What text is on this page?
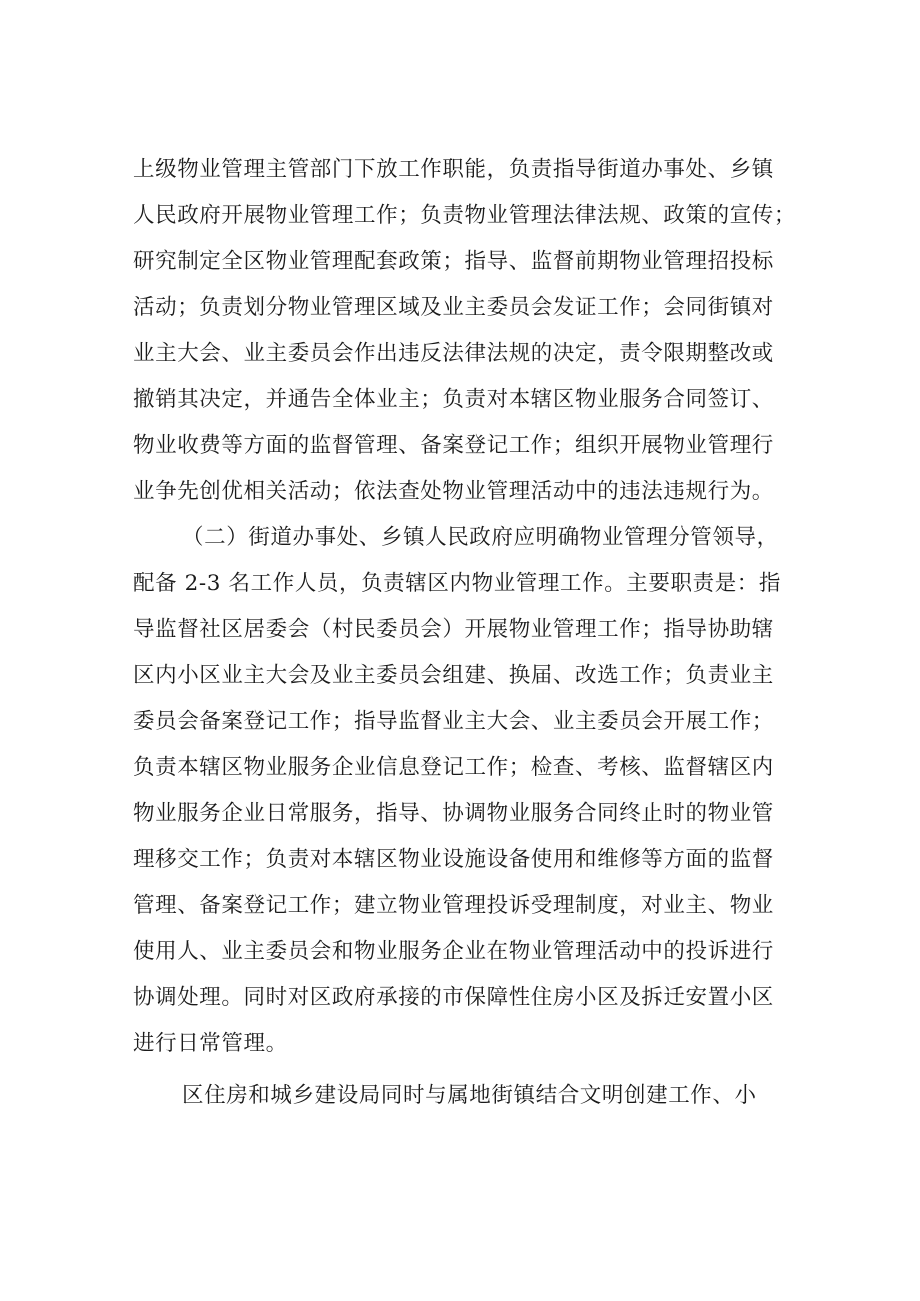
上级物业管理主管部门下放工作职能，负责指导街道办事处、乡镇
人民政府开展物业管理工作；负责物业管理法律法规、政策的宣传；
研究制定全区物业管理配套政策；指导、监督前期物业管理招投标
活动；负责划分物业管理区域及业主委员会发证工作；会同街镇对
业主大会、业主委员会作出违反法律法规的决定，责令限期整改或
撤销其决定，并通告全体业主；负责对本辖区物业服务合同签订、
物业收费等方面的监督管理、备案登记工作；组织开展物业管理行
业争先创优相关活动；依法查处物业管理活动中的违法违规行为。
（二）街道办事处、乡镇人民政府应明确物业管理分管领导，
配备 2-3 名工作人员，负责辖区内物业管理工作。主要职责是：指
导监督社区居委会（村民委员会）开展物业管理工作；指导协助辖
区内小区业主大会及业主委员会组建、换届、改选工作；负责业主
委员会备案登记工作；指导监督业主大会、业主委员会开展工作；
负责本辖区物业服务企业信息登记工作；检查、考核、监督辖区内
物业服务企业日常服务，指导、协调物业服务合同终止时的物业管
理移交工作；负责对本辖区物业设施设备使用和维修等方面的监督
管理、备案登记工作；建立物业管理投诉受理制度，对业主、物业
使用人、业主委员会和物业服务企业在物业管理活动中的投诉进行
协调处理。同时对区政府承接的市保障性住房小区及拆迁安置小区
进行日常管理。
区住房和城乡建设局同时与属地街镇结合文明创建工作、小
